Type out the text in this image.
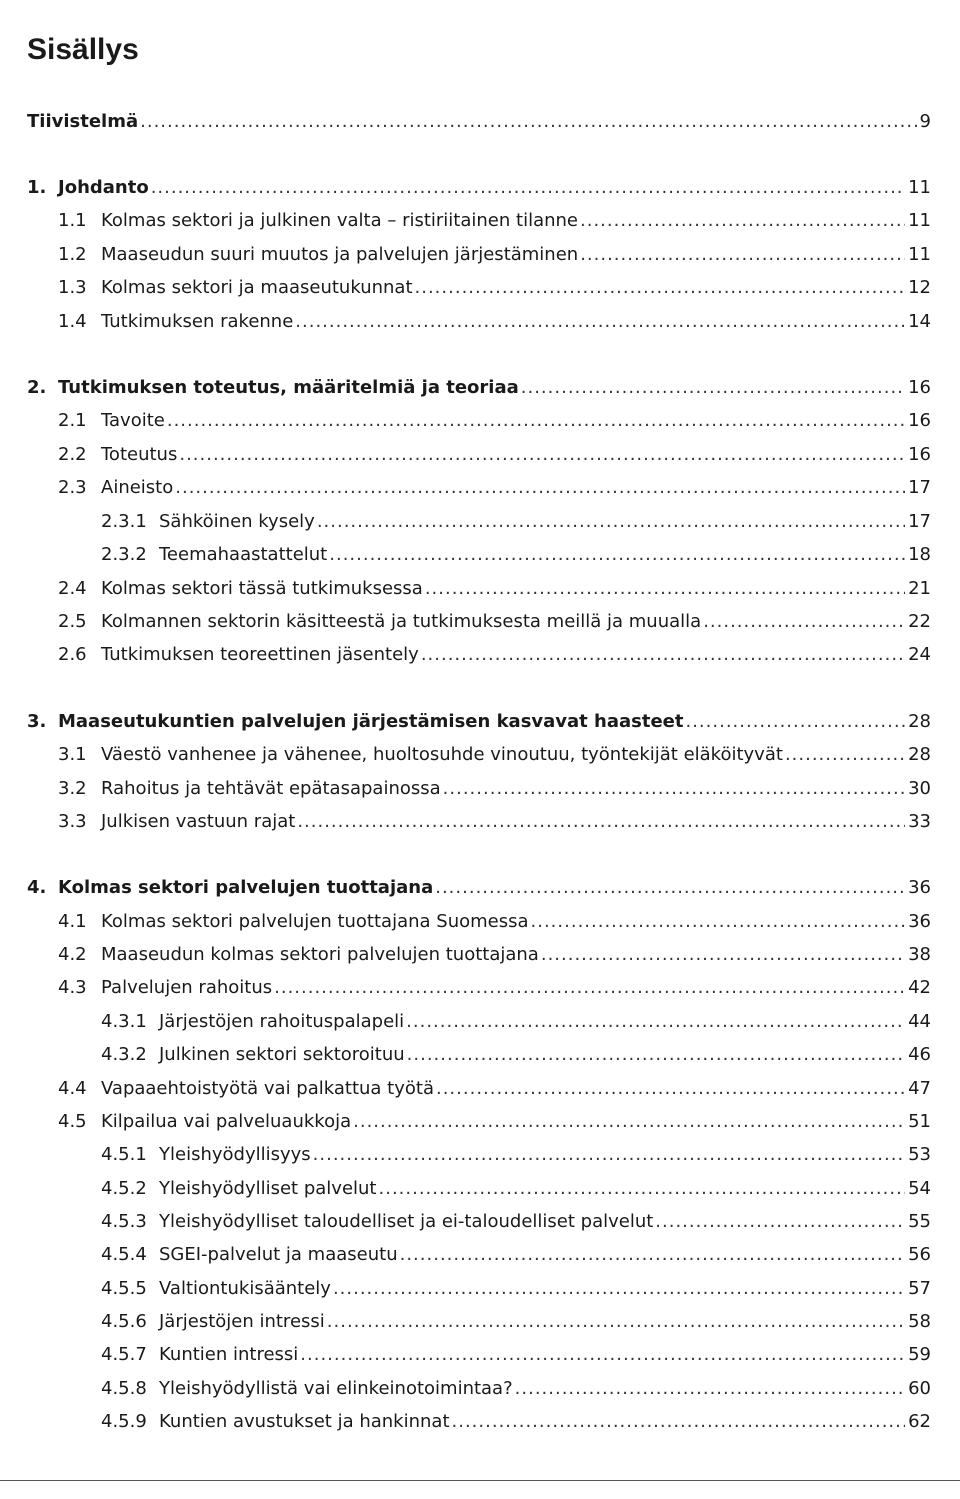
Sisällys
Tiivistelmä .....	9
1. Johdanto .....	11
1.1 Kolmas sektori ja julkinen valta – ristiriitainen tilanne .....	11
1.2 Maaseudun suuri muutos ja palvelujen järjestäminen .....	11
1.3 Kolmas sektori ja maaseutukunnat .....	12
1.4 Tutkimuksen rakenne .....	14
2. Tutkimuksen toteutus, määritelmiä ja teoriaa .....	16
2.1 Tavoite .....	16
2.2 Toteutus .....	16
2.3 Aineisto .....	17
2.3.1 Sähköinen kysely .....	17
2.3.2 Teemahaastattelut .....	18
2.4 Kolmas sektori tässä tutkimuksessa .....	21
2.5 Kolmannen sektorin käsitteestä ja tutkimuksesta meillä ja muualla .....	22
2.6 Tutkimuksen teoreettinen jäsentely .....	24
3. Maaseutukuntien palvelujen järjestämisen kasvavat haasteet .....	28
3.1 Väestö vanhenee ja vähenee, huoltosuhde vinoutuu, työntekijät eläköityvät .....	28
3.2 Rahoitus ja tehtävät epätasapainossa .....	30
3.3 Julkisen vastuun rajat .....	33
4. Kolmas sektori palvelujen tuottajana .....	36
4.1 Kolmas sektori palvelujen tuottajana Suomessa .....	36
4.2 Maaseudun kolmas sektori palvelujen tuottajana .....	38
4.3 Palvelujen rahoitus .....	42
4.3.1 Järjestöjen rahoituspalapeli .....	44
4.3.2 Julkinen sektori sektoroituu .....	46
4.4 Vapaaehtoistyötä vai palkattua työtä .....	47
4.5 Kilpailua vai palveluaukkoja .....	51
4.5.1 Yleishyödyllisyys .....	53
4.5.2 Yleishyödylliset palvelut .....	54
4.5.3 Yleishyödylliset taloudelliset ja ei-taloudelliset palvelut .....	55
4.5.4 SGEI-palvelut ja maaseutu .....	56
4.5.5 Valtiontukisääntely .....	57
4.5.6 Järjestöjen intressi .....	58
4.5.7 Kuntien intressi .....	59
4.5.8 Yleishyödyllistä vai elinkeinotoimintaa? .....	60
4.5.9 Kuntien avustukset ja hankinnat .....	62
